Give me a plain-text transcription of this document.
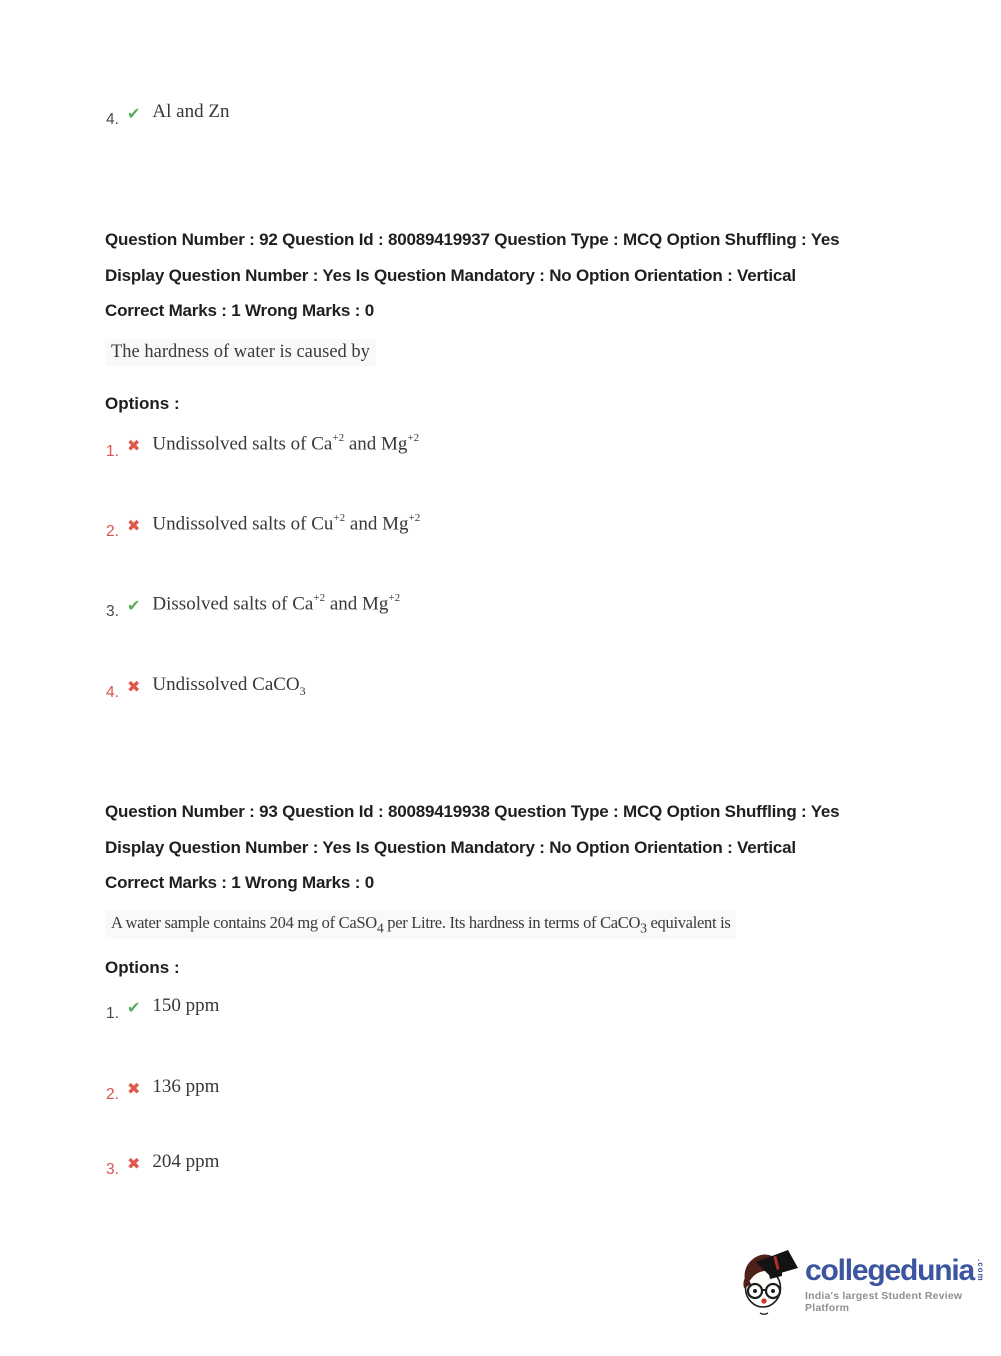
4. ✔ Al and Zn
Question Number : 92 Question Id : 80089419937 Question Type : MCQ Option Shuffling : Yes
Display Question Number : Yes Is Question Mandatory : No Option Orientation : Vertical
Correct Marks : 1 Wrong Marks : 0
The hardness of water is caused by
Options :
1. ✖ Undissolved salts of $Ca^{+2}$ and $Mg^{+2}$
2. ✖ Undissolved salts of $Cu^{+2}$ and $Mg^{+2}$
3. ✔ Dissolved salts of $Ca^{+2}$ and $Mg^{+2}$
4. ✖ Undissolved CaCO$_3$
Question Number : 93 Question Id : 80089419938 Question Type : MCQ Option Shuffling : Yes
Display Question Number : Yes Is Question Mandatory : No Option Orientation : Vertical
Correct Marks : 1 Wrong Marks : 0
A water sample contains 204 mg of CaSO$_4$ per Litre. Its hardness in terms of CaCO$_3$ equivalent is
Options :
1. ✔ 150 ppm
2. ✖ 136 ppm
3. ✖ 204 ppm
collegedunia .com
India's largest Student Review Platform
